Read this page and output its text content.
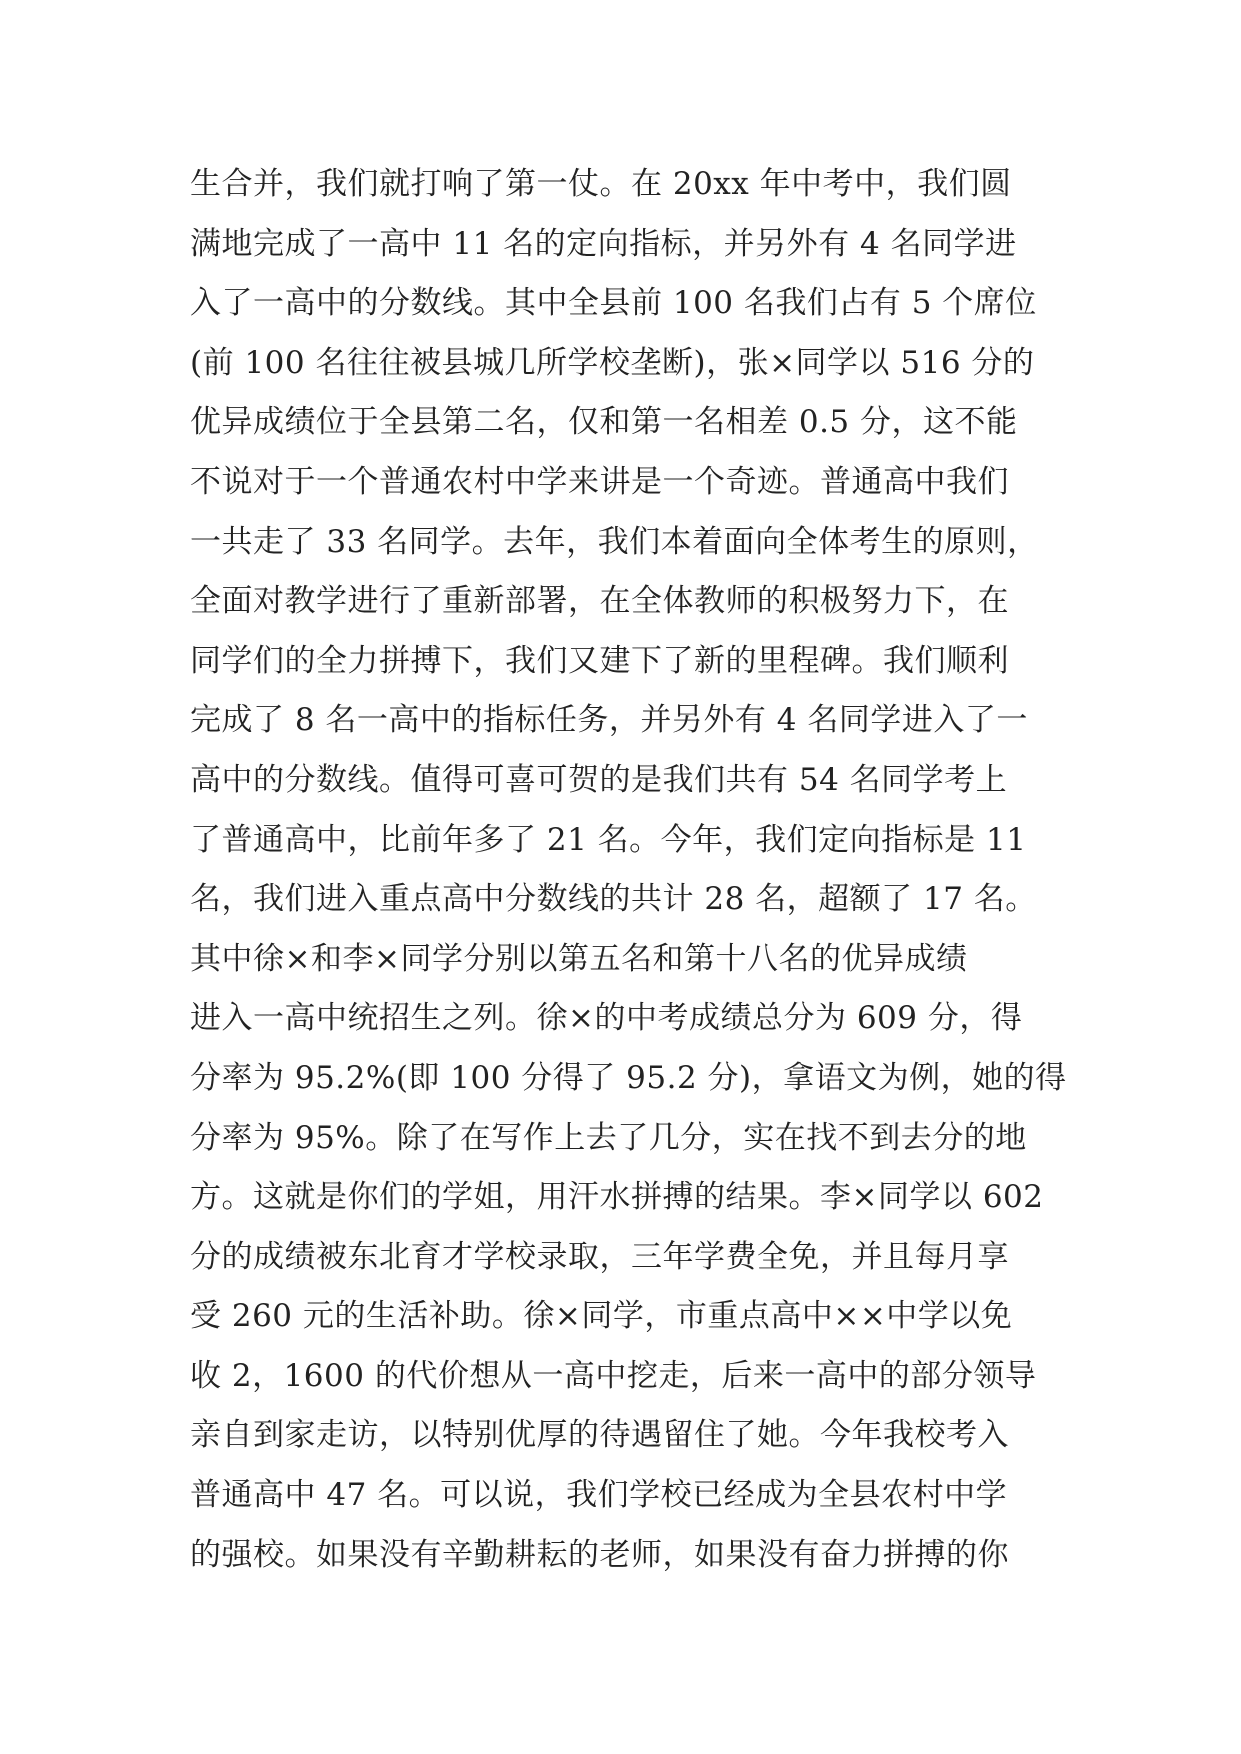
生合并，我们就打响了第一仗。在 20xx 年中考中，我们圆
满地完成了一高中 11 名的定向指标，并另外有 4 名同学进
入了一高中的分数线。其中全县前 100 名我们占有 5 个席位
(前 100 名往往被县城几所学校垄断)，张×同学以 516 分的
优异成绩位于全县第二名，仅和第一名相差 0.5 分，这不能
不说对于一个普通农村中学来讲是一个奇迹。普通高中我们
一共走了 33 名同学。去年，我们本着面向全体考生的原则，
全面对教学进行了重新部署，在全体教师的积极努力下，在
同学们的全力拼搏下，我们又建下了新的里程碑。我们顺利
完成了 8 名一高中的指标任务，并另外有 4 名同学进入了一
高中的分数线。值得可喜可贺的是我们共有 54 名同学考上
了普通高中，比前年多了 21 名。今年，我们定向指标是 11
名，我们进入重点高中分数线的共计 28 名，超额了 17 名。
其中徐×和李×同学分别以第五名和第十八名的优异成绩
进入一高中统招生之列。徐×的中考成绩总分为 609 分，得
分率为 95.2%(即 100 分得了 95.2 分)，拿语文为例，她的得
分率为 95%。除了在写作上去了几分，实在找不到去分的地
方。这就是你们的学姐，用汗水拼搏的结果。李×同学以 602
分的成绩被东北育才学校录取，三年学费全免，并且每月享
受 260 元的生活补助。徐×同学，市重点高中××中学以免
收 2，1600 的代价想从一高中挖走，后来一高中的部分领导
亲自到家走访，以特别优厚的待遇留住了她。今年我校考入
普通高中 47 名。可以说，我们学校已经成为全县农村中学
的强校。如果没有辛勤耕耘的老师，如果没有奋力拼搏的你
